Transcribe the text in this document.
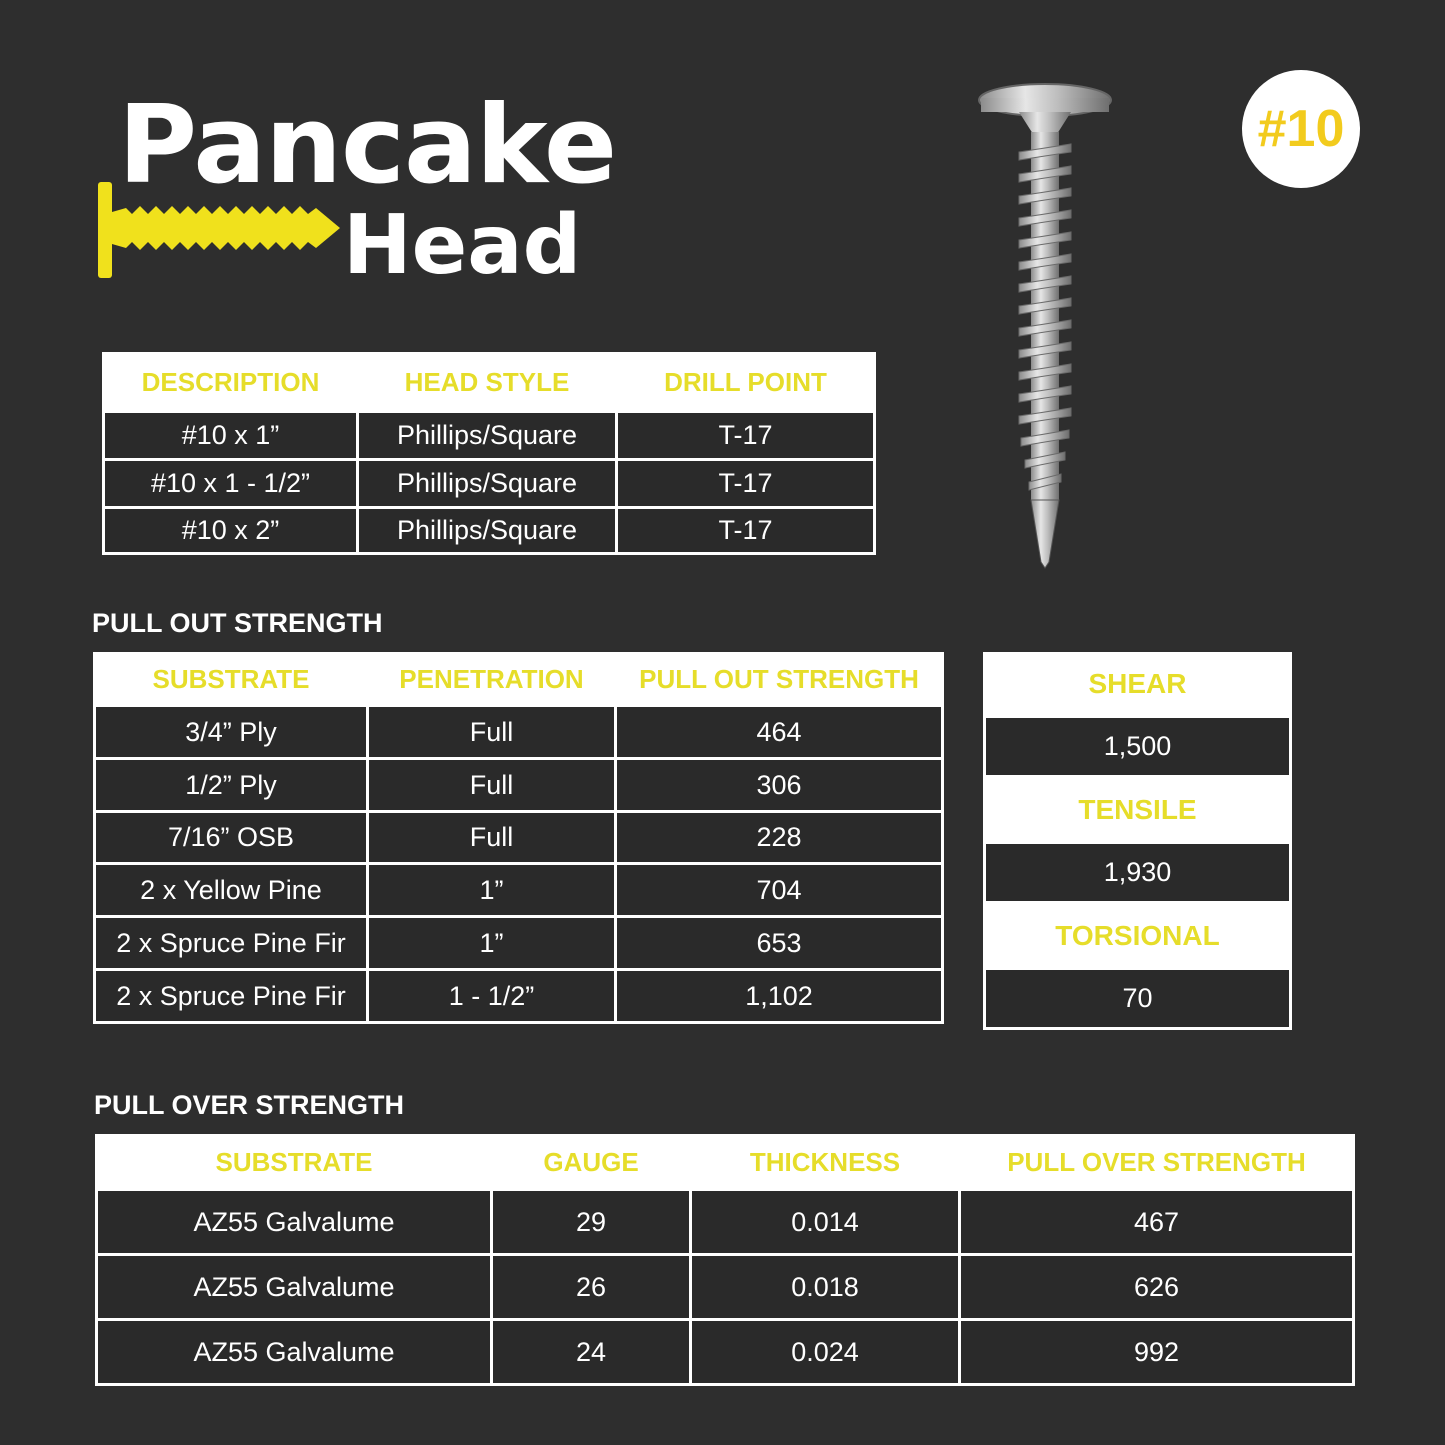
Pancake
Head
#10
DESCRIPTION	HEAD STYLE	DRILL POINT
#10 x 1”	Phillips/Square	T-17
#10 x 1 - 1/2”	Phillips/Square	T-17
#10 x 2”	Phillips/Square	T-17
PULL OUT STRENGTH
SUBSTRATE	PENETRATION	PULL OUT STRENGTH
3/4” Ply	Full	464
1/2” Ply	Full	306
7/16” OSB	Full	228
2 x Yellow Pine	1”	704
2 x Spruce Pine Fir	1”	653
2 x Spruce Pine Fir	1 - 1/2”	1,102
SHEAR
1,500
TENSILE
1,930
TORSIONAL
70
PULL OVER STRENGTH
SUBSTRATE	GAUGE	THICKNESS	PULL OVER STRENGTH
AZ55 Galvalume	29	0.014	467
AZ55 Galvalume	26	0.018	626
AZ55 Galvalume	24	0.024	992
